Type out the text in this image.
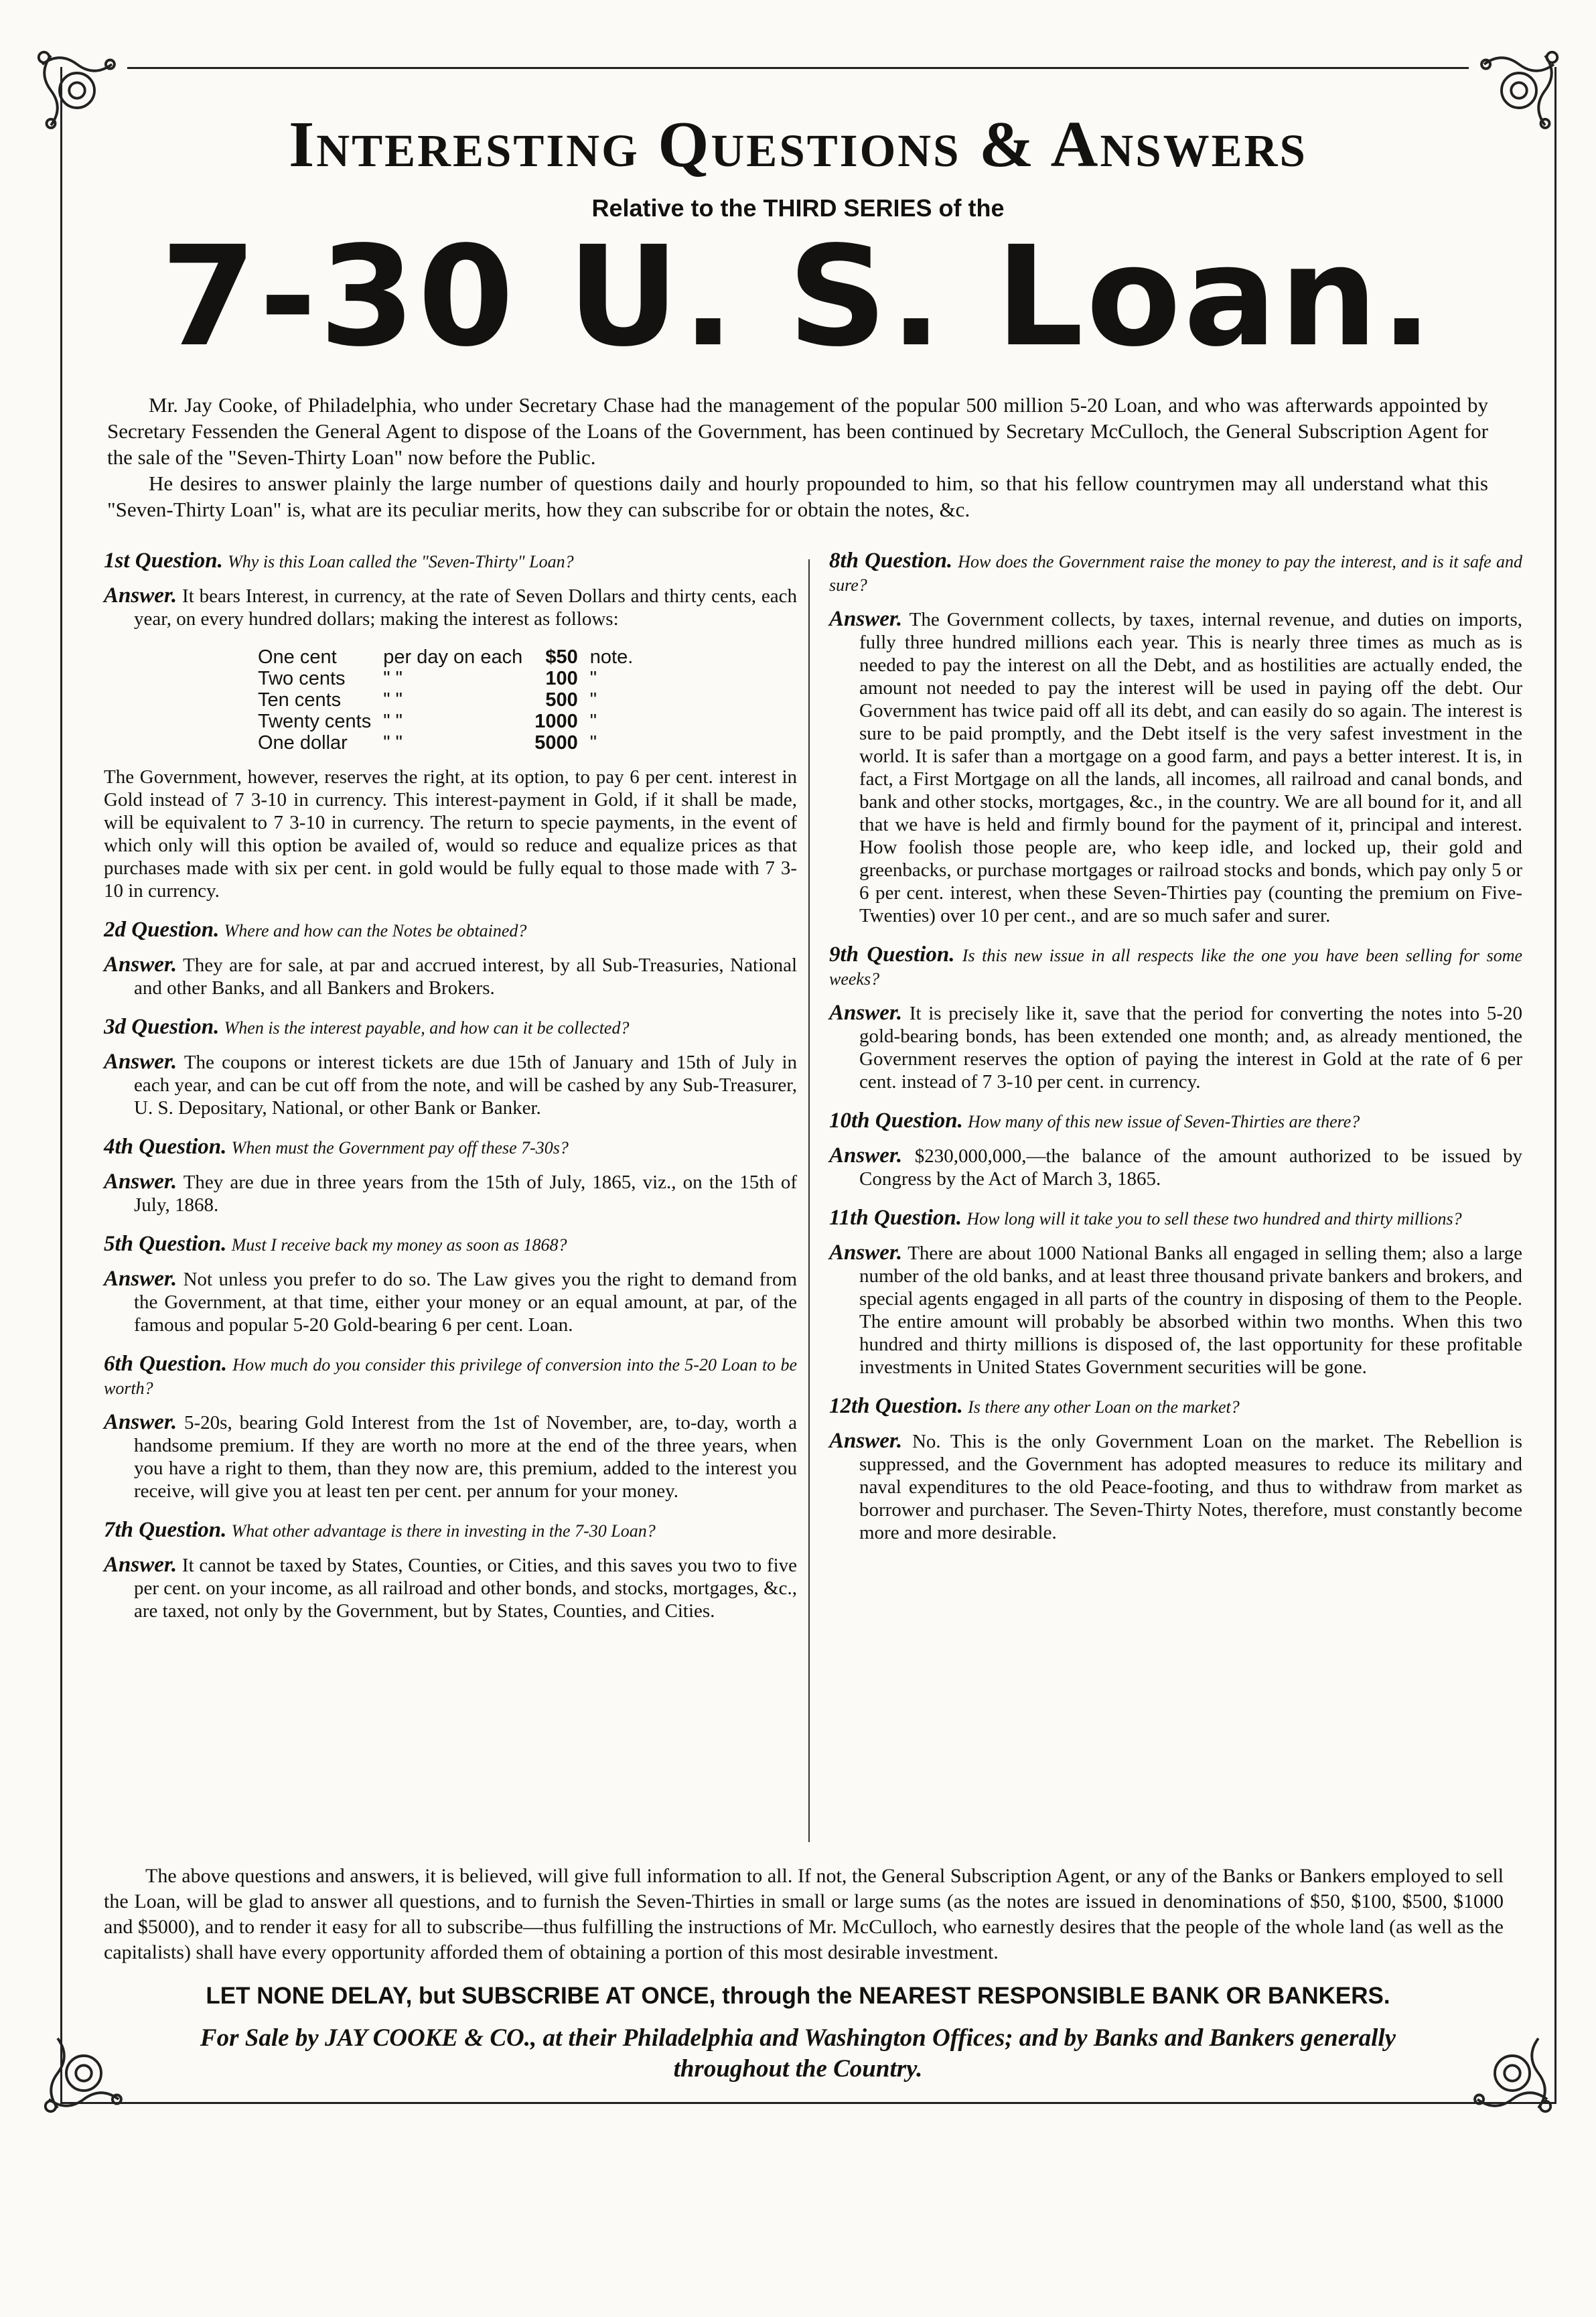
Interesting Questions & Answers
Relative to the THIRD SERIES of the
7-30 U. S. Loan.

Mr. Jay Cooke, of Philadelphia, who under Secretary Chase had the management of the popular 500 million 5-20 Loan, and who was afterwards appointed by Secretary Fessenden the General Agent to dispose of the Loans of the Government, has been continued by Secretary McCulloch, the General Subscription Agent for the sale of the "Seven-Thirty Loan" now before the Public.

He desires to answer plainly the large number of questions daily and hourly propounded to him, so that his fellow countrymen may all understand what this "Seven-Thirty Loan" is, what are its peculiar merits, how they can subscribe for or obtain the notes, &c.

1st Question. Why is this Loan called the "Seven-Thirty" Loan?
Answer. It bears Interest, in currency, at the rate of Seven Dollars and thirty cents, each year, on every hundred dollars; making the interest as follows:
One cent	per day on each	$50	note.
Two cents	" "	100	"
Ten cents	" "	500	"
Twenty cents	" "	1000	"
One dollar	" "	5000	"
The Government, however, reserves the right, at its option, to pay 6 per cent. interest in Gold instead of 7 3-10 in currency. This interest-payment in Gold, if it shall be made, will be equivalent to 7 3-10 in currency. The return to specie payments, in the event of which only will this option be availed of, would so reduce and equalize prices as that purchases made with six per cent. in gold would be fully equal to those made with 7 3-10 in currency.
2d Question. Where and how can the Notes be obtained?
Answer. They are for sale, at par and accrued interest, by all Sub-Treasuries, National and other Banks, and all Bankers and Brokers.
3d Question. When is the interest payable, and how can it be collected?
Answer. The coupons or interest tickets are due 15th of January and 15th of July in each year, and can be cut off from the note, and will be cashed by any Sub-Treasurer, U. S. Depositary, National, or other Bank or Banker.
4th Question. When must the Government pay off these 7-30s?
Answer. They are due in three years from the 15th of July, 1865, viz., on the 15th of July, 1868.
5th Question. Must I receive back my money as soon as 1868?
Answer. Not unless you prefer to do so. The Law gives you the right to demand from the Government, at that time, either your money or an equal amount, at par, of the famous and popular 5-20 Gold-bearing 6 per cent. Loan.
6th Question. How much do you consider this privilege of conversion into the 5-20 Loan to be worth?
Answer. 5-20s, bearing Gold Interest from the 1st of November, are, to-day, worth a handsome premium. If they are worth no more at the end of the three years, when you have a right to them, than they now are, this premium, added to the interest you receive, will give you at least ten per cent. per annum for your money.
7th Question. What other advantage is there in investing in the 7-30 Loan?
Answer. It cannot be taxed by States, Counties, or Cities, and this saves you two to five per cent. on your income, as all railroad and other bonds, and stocks, mortgages, &c., are taxed, not only by the Government, but by States, Counties, and Cities.
8th Question. How does the Government raise the money to pay the interest, and is it safe and sure?
Answer. The Government collects, by taxes, internal revenue, and duties on imports, fully three hundred millions each year. This is nearly three times as much as is needed to pay the interest on all the Debt, and as hostilities are actually ended, the amount not needed to pay the interest will be used in paying off the debt. Our Government has twice paid off all its debt, and can easily do so again. The interest is sure to be paid promptly, and the Debt itself is the very safest investment in the world. It is safer than a mortgage on a good farm, and pays a better interest. It is, in fact, a First Mortgage on all the lands, all incomes, all railroad and canal bonds, and bank and other stocks, mortgages, &c., in the country. We are all bound for it, and all that we have is held and firmly bound for the payment of it, principal and interest. How foolish those people are, who keep idle, and locked up, their gold and greenbacks, or purchase mortgages or railroad stocks and bonds, which pay only 5 or 6 per cent. interest, when these Seven-Thirties pay (counting the premium on Five-Twenties) over 10 per cent., and are so much safer and surer.
9th Question. Is this new issue in all respects like the one you have been selling for some weeks?
Answer. It is precisely like it, save that the period for converting the notes into 5-20 gold-bearing bonds, has been extended one month; and, as already mentioned, the Government reserves the option of paying the interest in Gold at the rate of 6 per cent. instead of 7 3-10 per cent. in currency.
10th Question. How many of this new issue of Seven-Thirties are there?
Answer. $230,000,000,—the balance of the amount authorized to be issued by Congress by the Act of March 3, 1865.
11th Question. How long will it take you to sell these two hundred and thirty millions?
Answer. There are about 1000 National Banks all engaged in selling them; also a large number of the old banks, and at least three thousand private bankers and brokers, and special agents engaged in all parts of the country in disposing of them to the People. The entire amount will probably be absorbed within two months. When this two hundred and thirty millions is disposed of, the last opportunity for these profitable investments in United States Government securities will be gone.
12th Question. Is there any other Loan on the market?
Answer. No. This is the only Government Loan on the market. The Rebellion is suppressed, and the Government has adopted measures to reduce its military and naval expenditures to the old Peace-footing, and thus to withdraw from market as borrower and purchaser. The Seven-Thirty Notes, therefore, must constantly become more and more desirable.

The above questions and answers, it is believed, will give full information to all. If not, the General Subscription Agent, or any of the Banks or Bankers employed to sell the Loan, will be glad to answer all questions, and to furnish the Seven-Thirties in small or large sums (as the notes are issued in denominations of $50, $100, $500, $1000 and $5000), and to render it easy for all to subscribe—thus fulfilling the instructions of Mr. McCulloch, who earnestly desires that the people of the whole land (as well as the capitalists) shall have every opportunity afforded them of obtaining a portion of this most desirable investment.

LET NONE DELAY, but SUBSCRIBE AT ONCE, through the NEAREST RESPONSIBLE BANK OR BANKERS.
For Sale by JAY COOKE & CO., at their Philadelphia and Washington Offices; and by Banks and Bankers generally throughout the Country.
